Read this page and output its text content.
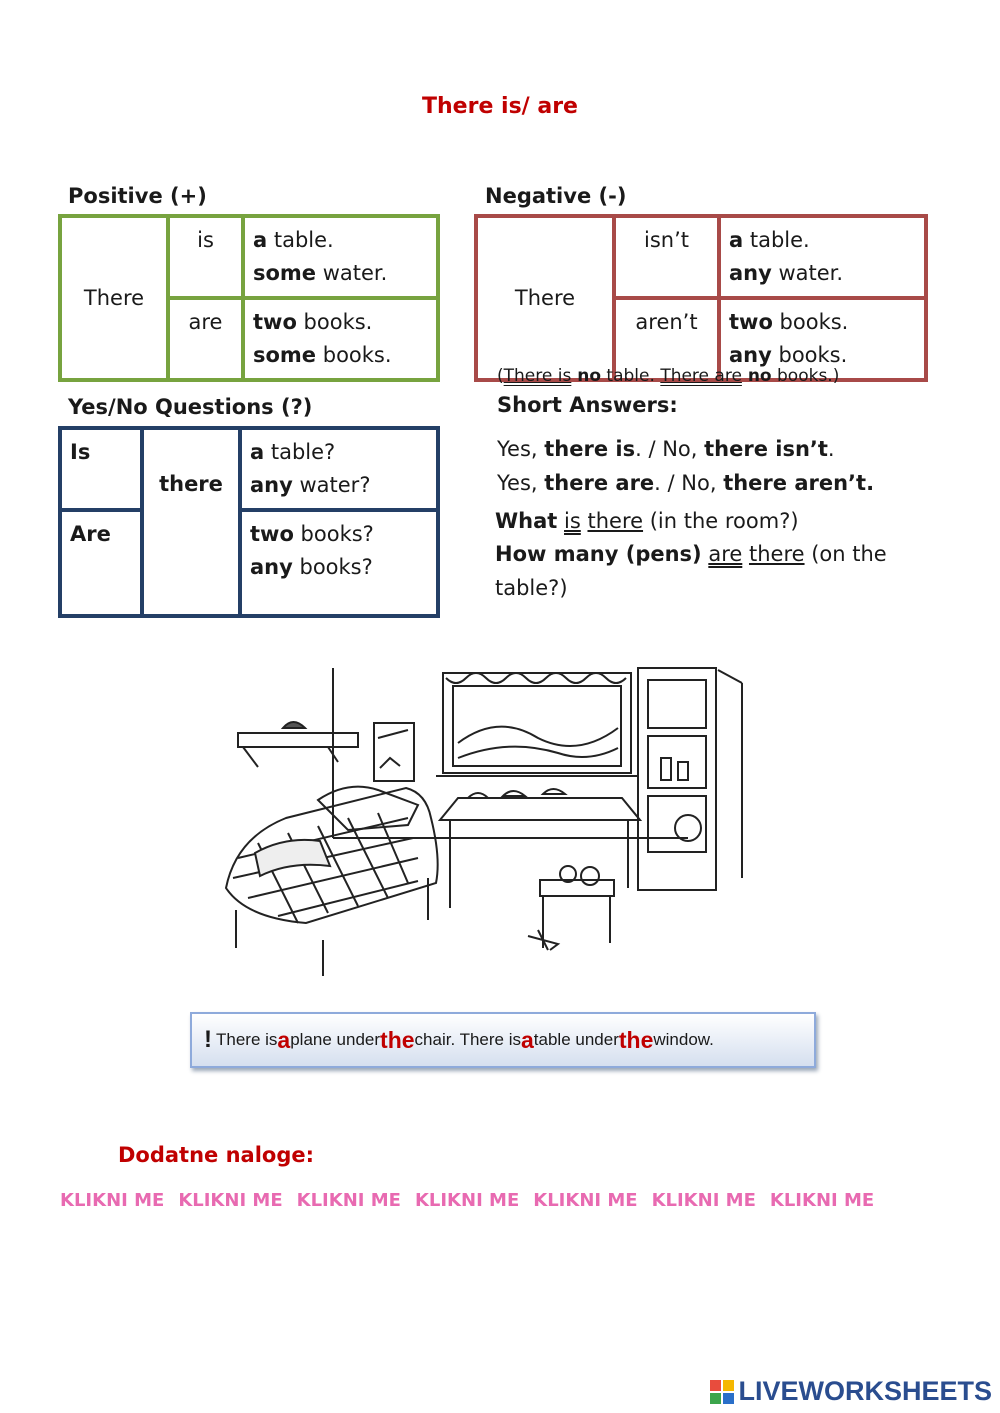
There is/ are
Positive (+)
There	is	a table.
some water.
	are	two books.
some books.
Negative (-)
There	isn’t	a table.
any water.
	aren’t	two books.
any books.
(There is no table. There are no books.)
Yes/No Questions (?)
Is	there	a table?
any water?
Are		two books?
any books?
Short Answers:
Yes, there is. / No, there isn’t.
Yes, there are. / No, there aren’t.
What is there (in the room?)
How many (pens) are there (on the table?)
! There is a plane under the chair. There is a table under the window.
Dodatne naloge:
KLIKNI ME KLIKNI ME KLIKNI ME KLIKNI ME KLIKNI ME KLIKNI ME KLIKNI ME
LIVEWORKSHEETS
